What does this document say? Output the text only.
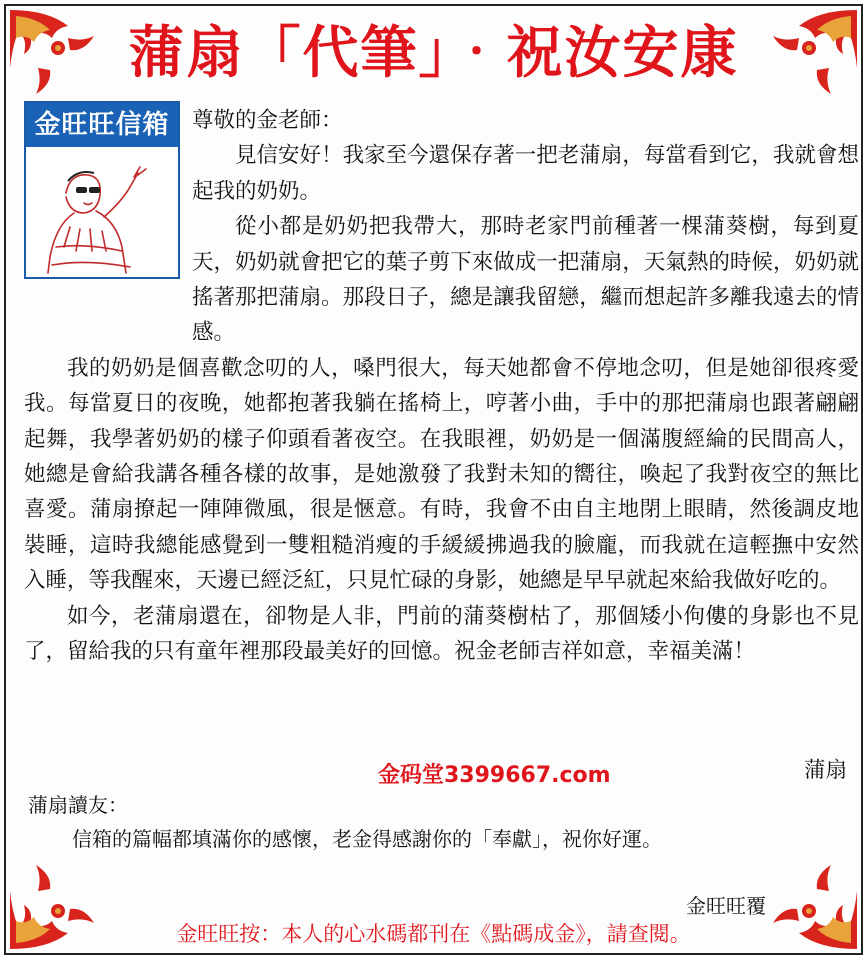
蒲扇「代筆」‧祝汝安康
金旺旺信箱	尊敬的金老師：

見信安好！我家至今還保存著一把老蒲扇，每當看到它，我就會想起我的奶奶。

從小都是奶奶把我帶大，那時老家門前種著一棵蒲葵樹，每到夏天，奶奶就會把它的葉子剪下來做成一把蒲扇，天氣熱的時候，奶奶就搖著那把蒲扇。那段日子，總是讓我留戀，繼而想起許多離我遠去的情感。

我的奶奶是個喜歡念叨的人，嗓門很大，每天她都會不停地念叨，但是她卻很疼愛我。每當夏日的夜晚，她都抱著我躺在搖椅上，哼著小曲，手中的那把蒲扇也跟著翩翩起舞，我學著奶奶的樣子仰頭看著夜空。在我眼裡，奶奶是一個滿腹經綸的民間高人，她總是會給我講各種各樣的故事，是她激發了我對未知的嚮往，喚起了我對夜空的無比喜愛。蒲扇撩起一陣陣微風，很是愜意。有時，我會不由自主地閉上眼睛，然後調皮地裝睡，這時我總能感覺到一雙粗糙消瘦的手緩緩拂過我的臉龐，而我就在這輕撫中安然入睡，等我醒來，天邊已經泛紅，只見忙碌的身影，她總是早早就起來給我做好吃的。

如今，老蒲扇還在，卻物是人非，門前的蒲葵樹枯了，那個矮小佝僂的身影也不見了，留給我的只有童年裡那段最美好的回憶。祝金老師吉祥如意，幸福美滿！

金码堂3399667.com	蒲扇

蒲扇讀友：

信箱的篇幅都填滿你的感懷，老金得感謝你的「奉獻」，祝你好運。

金旺旺覆
金旺旺按：本人的心水碼都刊在《點碼成金》，請查閱。
